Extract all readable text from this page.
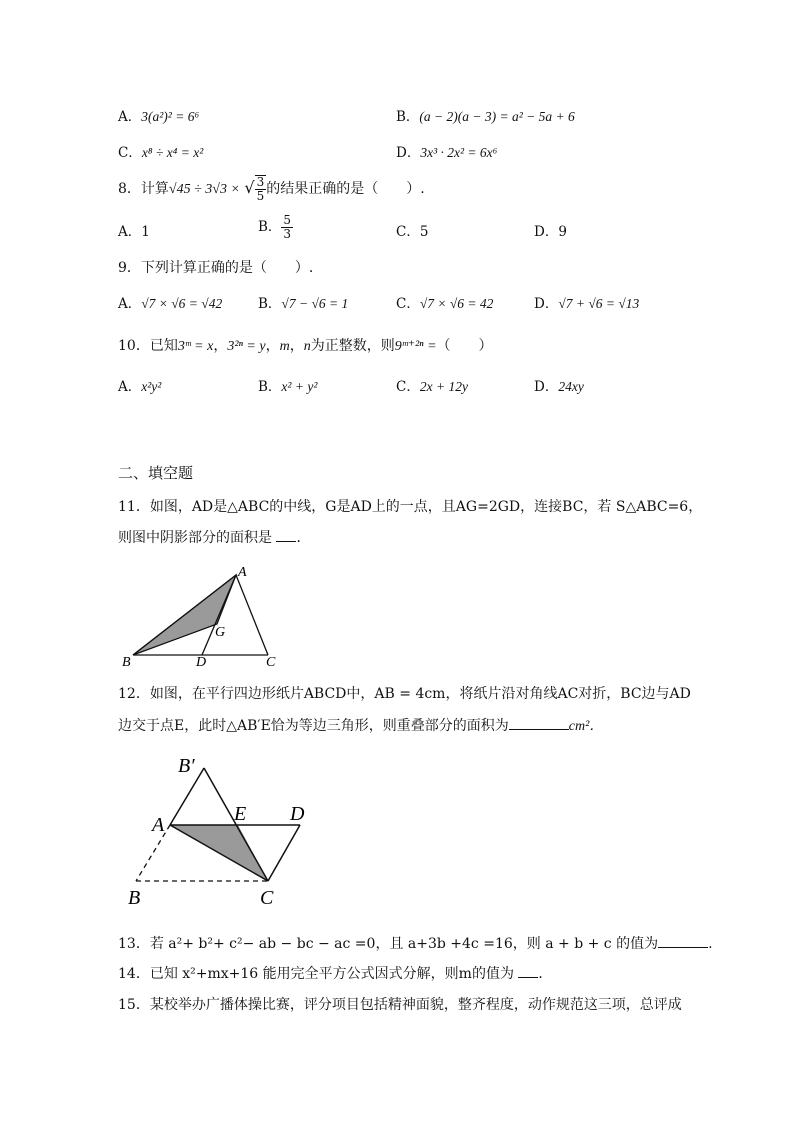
A．3(a²)² = 6⁶	B．(a − 2)(a − 3) = a² − 5a + 6
C．x⁸ ÷ x⁴ = x²	D．3x³ · 2x² = 6x⁶
8．计算√45 ÷ 3√3 × √ $\frac{3}{5}$ 的结果正确的是（　　）.
A．1	B． $\frac{5}{3}$	C．5	D．9
9．下列计算正确的是（　　）.
A．√7 × √6 = √42	B．√7 − √6 = 1	C．√7 × √6 = 42	D．√7 + √6 = √13
10．已知3ᵐ = x，3²ⁿ = y，m，n为正整数，则9ᵐ⁺²ⁿ =（　　）
A．x²y²	B．x² + y²	C．2x + 12y	D．24xy
二、填空题
11．如图，AD是△ABC的中线，G是AD上的一点，且AG=2GD，连接BC，若 S△ABC=6，
则图中阴影部分的面积是 ．
A
B	D	C
G
12．如图，在平行四边形纸片ABCD中，AB = 4cm，将纸片沿对角线AC对折，BC边与AD
边交于点E，此时△AB′E恰为等边三角形，则重叠部分的面积为	cm²．
B′
A	E D
B	C
13．若 a²+ b²+ c²− ab − bc − ac =0，且 a+3b +4c =16，则 a + b + c 的值为	.
14．已知 x²+mx+16 能用完全平方公式因式分解，则m的值为 ．
15．某校举办广播体操比赛，评分项目包括精神面貌，整齐程度，动作规范这三项，总评成
